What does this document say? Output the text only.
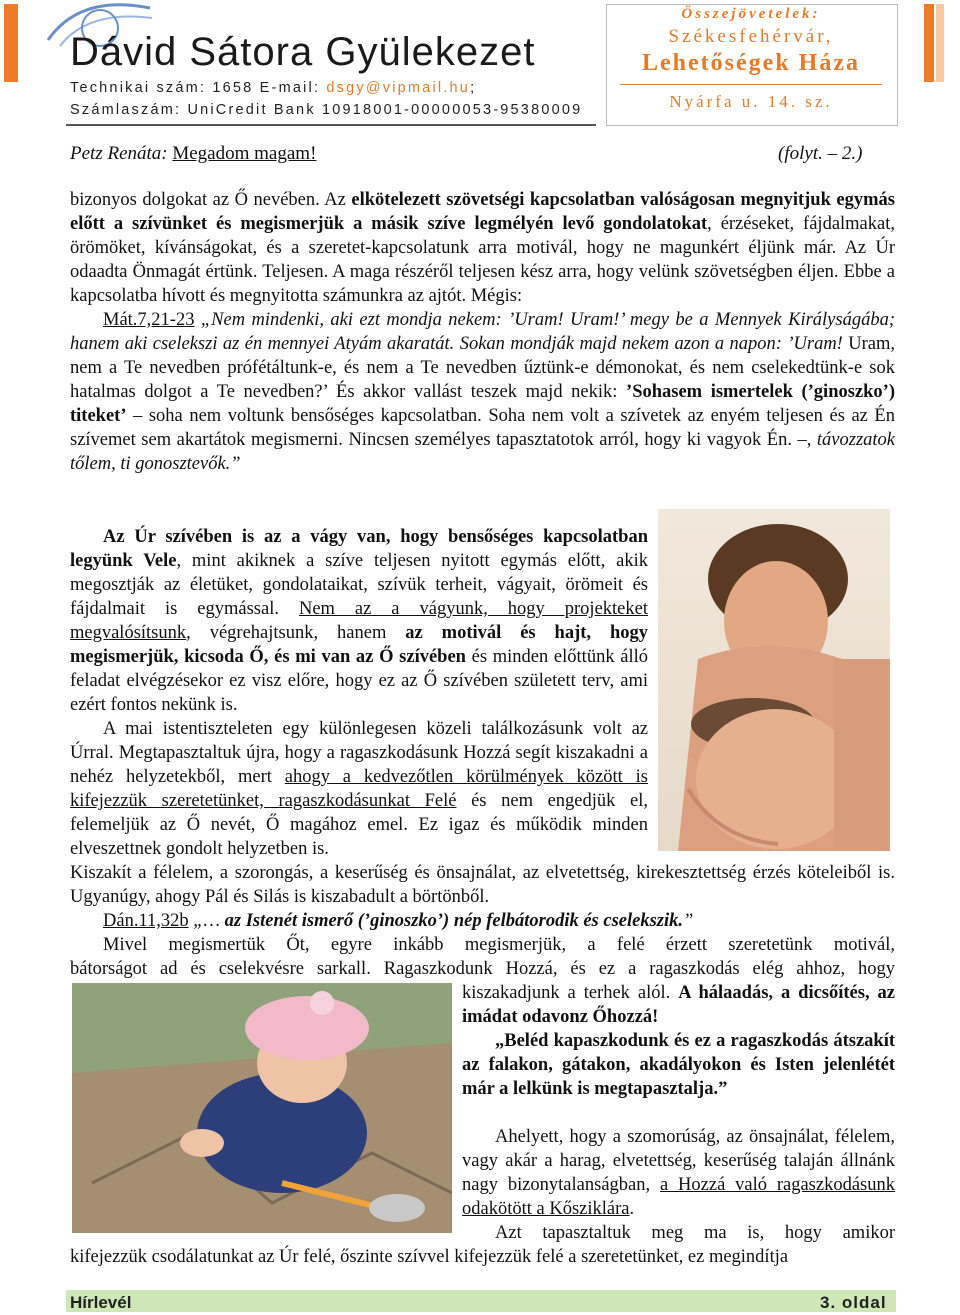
Dávid Sátora Gyülekezet
Technikai szám: 1658 E-mail: dsgy@vipmail.hu;
Számlaszám: UniCredit Bank 10918001-00000053-95380009
Összejövetelek:
Székesfehérvár,
Lehetőségek Háza
Nyárfa u. 14. sz.
Petz Renáta: Megadom magam!	(folyt. – 2.)
bizonyos dolgokat az Ő nevében. Az elkötelezett szövetségi kapcsolatban valóságosan megnyitjuk egymás előtt a szívünket és megismerjük a másik szíve legmélyén levő gondolatokat, érzéseket, fájdalmakat, örömöket, kívánságokat, és a szeretet-kapcsolatunk arra motivál, hogy ne magunkért éljünk már. Az Úr odaadta Önmagát értünk. Teljesen. A maga részéről teljesen kész arra, hogy velünk szövetségben éljen. Ebbe a kapcsolatba hívott és megnyitotta számunkra az ajtót. Mégis:
Mát.7,21-23 „Nem mindenki, aki ezt mondja nekem: ’Uram! Uram!’ megy be a Mennyek Királyságába; hanem aki cselekszi az én mennyei Atyám akaratát. Sokan mondják majd nekem azon a napon: ’Uram! Uram, nem a Te nevedben prófétáltunk-e, és nem a Te nevedben űztünk-e démonokat, és nem cselekedtünk-e sok hatalmas dolgot a Te nevedben?’ És akkor vallást teszek majd nekik: ’Sohasem ismertelek (’ginoszko’) titeket’ – soha nem voltunk bensőséges kapcsolatban. Soha nem volt a szívetek az enyém teljesen és az Én szívemet sem akartátok megismerni. Nincsen személyes tapasztatotok arról, hogy ki vagyok Én. –, távozzatok tőlem, ti gonosztevők.”
Az Úr szívében is az a vágy van, hogy bensőséges kapcsolatban legyünk Vele, mint akiknek a szíve teljesen nyitott egymás előtt, akik megosztják az életüket, gondolataikat, szívük terheit, vágyait, örömeit és fájdalmait is egymással. Nem az a vágyunk, hogy projekteket megvalósítsunk, végrehajtsunk, hanem az motivál és hajt, hogy megismerjük, kicsoda Ő, és mi van az Ő szívében és minden előttünk álló feladat elvégzésekor ez visz előre, hogy ez az Ő szívében született terv, ami ezért fontos nekünk is.
A mai istentiszteleten egy különlegesen közeli találkozásunk volt az Úrral. Megtapasztaltuk újra, hogy a ragaszkodásunk Hozzá segít kiszakadni a nehéz helyzetekből, mert ahogy a kedvezőtlen körülmények között is kifejezzük szeretetünket, ragaszkodásunkat Felé és nem engedjük el, felemeljük az Ő nevét, Ő magához emel. Ez igaz és működik minden elveszettnek gondolt helyzetben is.
Kiszakít a félelem, a szorongás, a keserűség és önsajnálat, az elvetettség, kirekesztettség érzés köteleiből is. Ugyanúgy, ahogy Pál és Silás is kiszabadult a börtönből.
Dán.11,32b „… az Istenét ismerő (’ginoszko’) nép felbátorodik és cselekszik.”
Mivel megismertük Őt, egyre inkább megismerjük, a felé érzett szeretetünk motivál,
bátorságot ad és cselekvésre sarkall. Ragaszkodunk Hozzá, és ez a ragaszkodás elég ahhoz, hogy
kiszakadjunk a terhek alól. A hálaadás, a dicsőítés, az imádat odavonz Őhozzá!
„Beléd kapaszkodunk és ez a ragaszkodás átszakít az falakon, gátakon, akadályokon és Isten jelenlétét már a lelkünk is megtapasztalja.”
Ahelyett, hogy a szomorúság, az önsajnálat, félelem, vagy akár a harag, elvetettség, keserűség talaján állnánk nagy bizonytalanságban, a Hozzá való ragaszkodásunk odakötött a Kősziklára.
Azt tapasztaltuk meg ma is, hogy amikor
kifejezzük csodálatunkat az Úr felé, őszinte szívvel kifejezzük felé a szeretetünket, ez megindítja
Hírlevél	3. oldal
